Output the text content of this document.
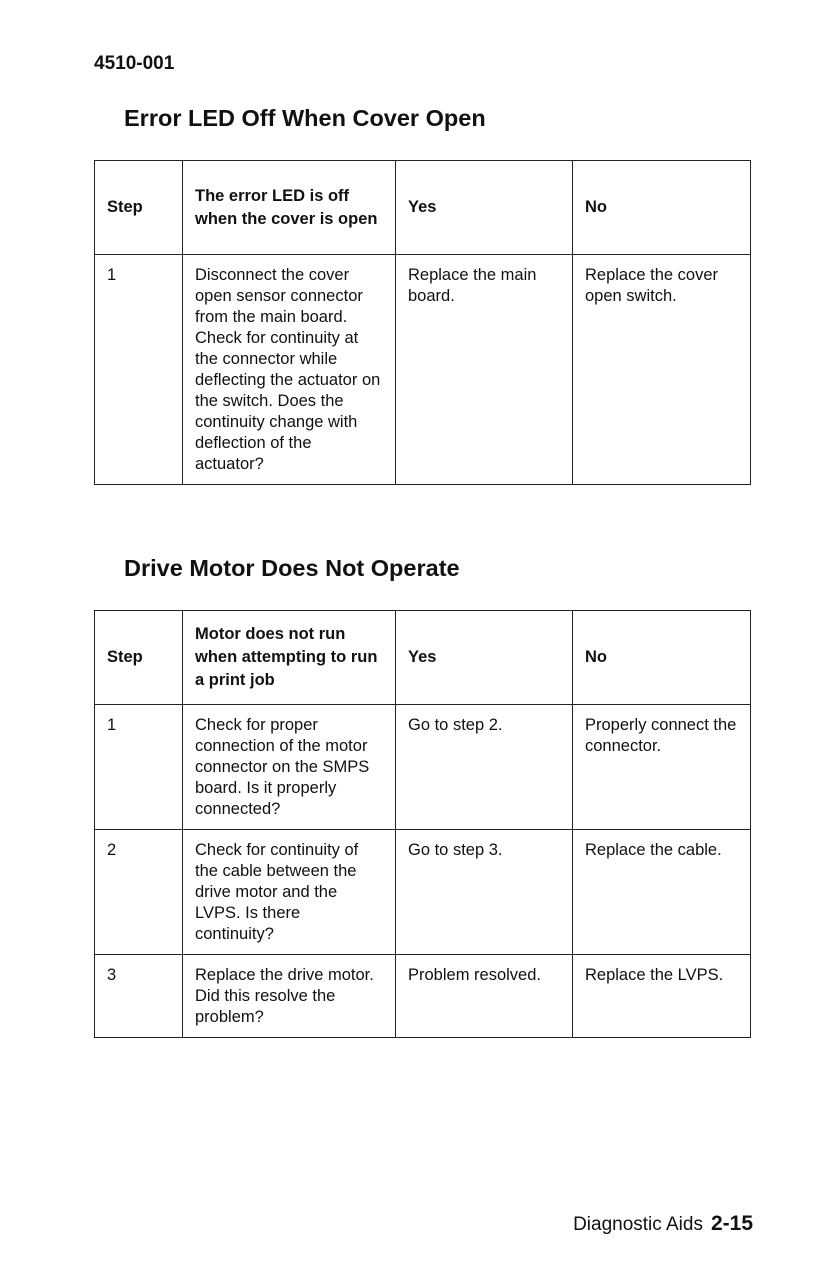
4510-001
Error LED Off When Cover Open
Step	The error LED is off when the cover is open	Yes	No
1	Disconnect the cover open sensor connector from the main board. Check for continuity at the connector while deflecting the actuator on the switch. Does the continuity change with deflection of the actuator?	Replace the main board.	Replace the cover open switch.
Drive Motor Does Not Operate
Step	Motor does not run when attempting to run a print job	Yes	No
1	Check for proper connection of the motor connector on the SMPS board. Is it properly connected?	Go to step 2.	Properly connect the connector.
2	Check for continuity of the cable between the drive motor and the LVPS. Is there continuity?	Go to step 3.	Replace the cable.
3	Replace the drive motor. Did this resolve the problem?	Problem resolved.	Replace the LVPS.
Diagnostic Aids 2-15
